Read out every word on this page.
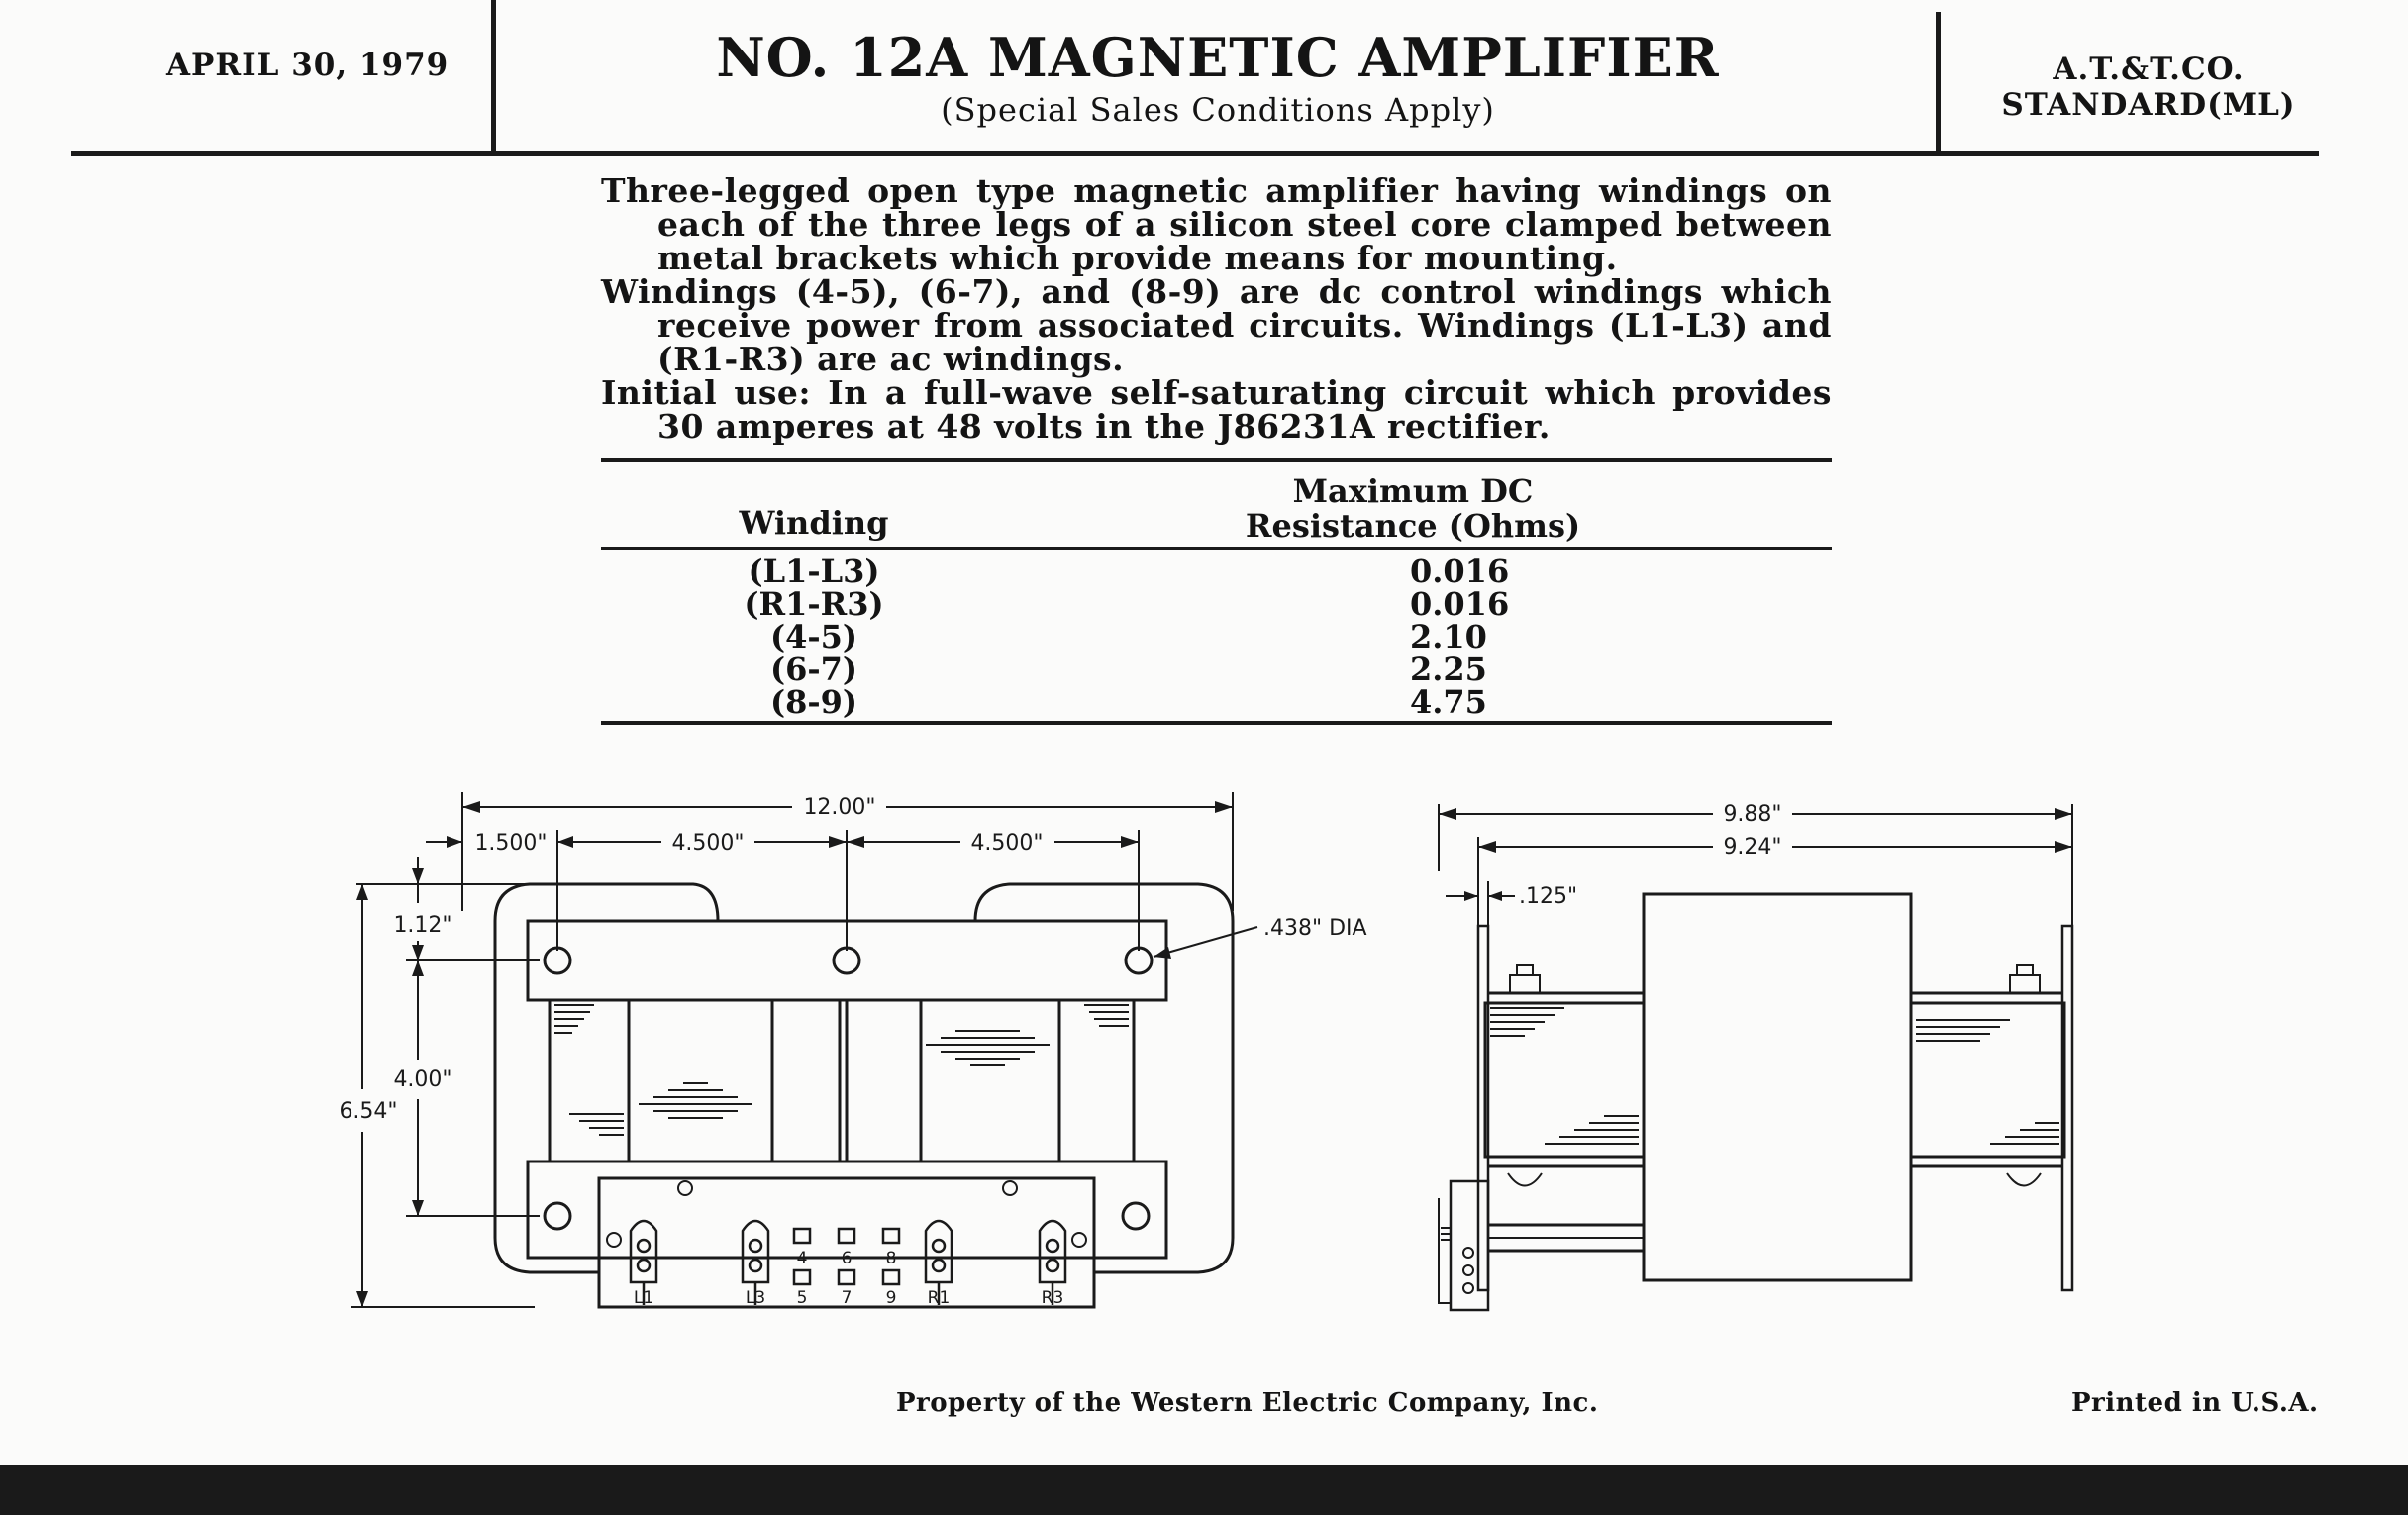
APRIL 30, 1979	NO. 12A MAGNETIC AMPLIFIER
(Special Sales Conditions Apply)
A.T.&T.CO.
STANDARD(ML)

Three-legged open type magnetic amplifier having windings on each of the three legs of a silicon steel core clamped between metal brackets which provide means for mounting.

Windings (4-5), (6-7), and (8-9) are dc control windings which receive power from associated circuits. Windings (L1-L3) and (R1-R3) are ac windings.

Initial use: In a full-wave self-saturating circuit which provides 30 amperes at 48 volts in the J86231A rectifier.

Winding
Maximum DC
Resistance (Ohms)
(L1-L3)	0.016
(R1-R3)	0.016
(4-5)	2.10
(6-7)	2.25
(8-9)	4.75
12.00"
1.500"	4.500"	4.500"
1.12"
4.00"
6.54"
.438" DIA
L1	L3	R1	R3
4 6 8
5 7 9
9.88"
9.24"
.125"
Property of the Western Electric Company, Inc.	Printed in U.S.A.
